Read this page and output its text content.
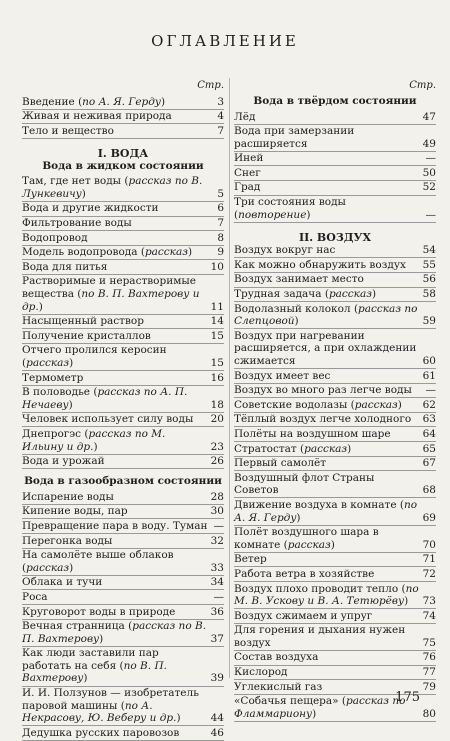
ОГЛАВЛЕНИЕ
Стр.
Введение (по А. Я. Герду)	3
Живая и неживая природа	4
Тело и вещество	7
I. ВОДА
Вода в жидком состоянии
Там, где нет воды (рассказ по В. Лункевичу)	5
Вода и другие жидкости	6
Фильтрование воды	7
Водопровод	8
Модель водопровода (рассказ)	9
Вода для питья	10
Растворимые и нерастворимые вещества (по В. П. Вахтерову и др.)	11
Насыщенный раствор	14
Получение кристаллов	15
Отчего пролился керосин (рассказ)	15
Термометр	16
В половодье (рассказ по А. П. Нечаеву)	18
Человек использует силу воды	20
Днепрогэс (рассказ по М. Ильину и др.)	23
Вода и урожай	26
Вода в газообразном состоянии
Испарение воды	28
Кипение воды, пар	30
Превращение пара в воду. Туман —
Перегонка воды	32
На самолёте выше облаков (рассказ)	33
Облака и тучи	34
Роса	—
Круговорот воды в природе	36
Вечная странница (рассказ по В. П. Вахтерову)	37
Как люди заставили пар работать на себя (по В. П. Вахтерову)	39
И. И. Ползунов — изобретатель паровой машины (по А. Некрасову, Ю. Веберу и др.)	44
Дедушка русских паровозов	46
Стр.
Вода в твёрдом состоянии
Лёд	47
Вода при замерзании расширяется	49
Иней	—
Снег	50
Град	52
Три состояния воды (повторение)	—
II. ВОЗДУХ
Воздух вокруг нас	54
Как можно обнаружить воздух	55
Воздух занимает место	56
Трудная задача (рассказ)	58
Водолазный колокол (рассказ по Слепцовой)	59
Воздух при нагревании расширяется, а при охлаждении сжимается	60
Воздух имеет вес	61
Воздух во много раз легче воды	—
Советские водолазы (рассказ)	62
Тёплый воздух легче холодного	63
Полёты на воздушном шаре	64
Стратостат (рассказ)	65
Первый самолёт	67
Воздушный флот Страны Советов	68
Движение воздуха в комнате (по А. Я. Герду)	69
Полёт воздушного шара в комнате (рассказ)	70
Ветер	71
Работа ветра в хозяйстве	72
Воздух плохо проводит тепло (по М. В. Ускову и В. А. Тетюрёву)	73
Воздух сжимаем и упруг	74
Для горения и дыхания нужен воздух	75
Состав воздуха	76
Кислород	77
Углекислый газ	79
«Собачья пещера» (рассказ по Фламмариону)	80
175
